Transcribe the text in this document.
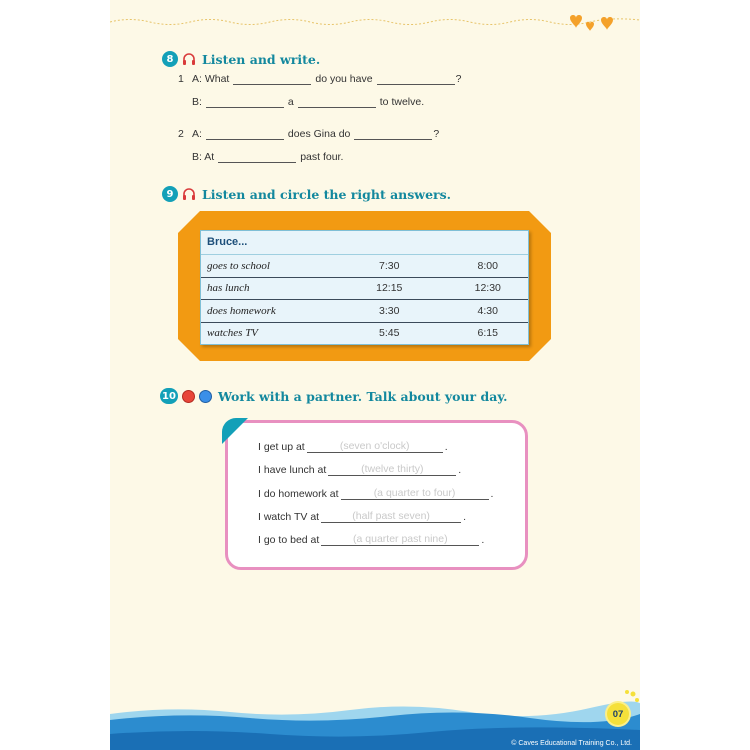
8	Listen and write.
1 A: What	do you have	?
B:	a	to twelve.
2 A:	does Gina do	?
B: At	past four.
9	Listen and circle the right answers.
Bruce...
goes to school	7:30	8:00
has lunch	12:15	12:30
does homework	3:30	4:30
watches TV	5:45	6:15
10	Work with a partner. Talk about your day.
I get up at	(seven o'clock)	.
I have lunch at	(twelve thirty)	.
I do homework at	(a quarter to four)	.
I watch TV at	(half past seven)	.
I go to bed at	(a quarter past nine)	.
07
© Caves Educational Training Co., Ltd.
